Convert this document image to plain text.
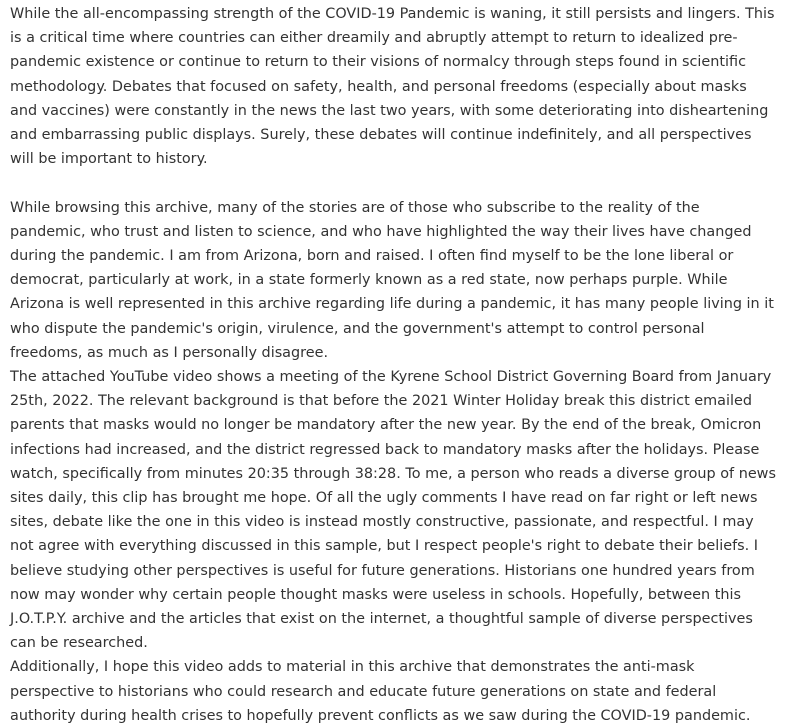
While the all-encompassing strength of the COVID-19 Pandemic is waning, it still persists and lingers. This is a critical time where countries can either dreamily and abruptly attempt to return to idealized pre-pandemic existence or continue to return to their visions of normalcy through steps found in scientific methodology. Debates that focused on safety, health, and personal freedoms (especially about masks and vaccines) were constantly in the news the last two years, with some deteriorating into disheartening and embarrassing public displays. Surely, these debates will continue indefinitely, and all perspectives will be important to history.

While browsing this archive, many of the stories are of those who subscribe to the reality of the pandemic, who trust and listen to science, and who have highlighted the way their lives have changed during the pandemic. I am from Arizona, born and raised. I often find myself to be the lone liberal or democrat, particularly at work, in a state formerly known as a red state, now perhaps purple. While Arizona is well represented in this archive regarding life during a pandemic, it has many people living in it who dispute the pandemic's origin, virulence, and the government's attempt to control personal freedoms, as much as I personally disagree.

The attached YouTube video shows a meeting of the Kyrene School District Governing Board from January 25th, 2022. The relevant background is that before the 2021 Winter Holiday break this district emailed parents that masks would no longer be mandatory after the new year. By the end of the break, Omicron infections had increased, and the district regressed back to mandatory masks after the holidays. Please watch, specifically from minutes 20:35 through 38:28. To me, a person who reads a diverse group of news sites daily, this clip has brought me hope. Of all the ugly comments I have read on far right or left news sites, debate like the one in this video is instead mostly constructive, passionate, and respectful. I may not agree with everything discussed in this sample, but I respect people's right to debate their beliefs. I believe studying other perspectives is useful for future generations. Historians one hundred years from now may wonder why certain people thought masks were useless in schools. Hopefully, between this J.O.T.P.Y. archive and the articles that exist on the internet, a thoughtful sample of diverse perspectives can be researched.

Additionally, I hope this video adds to material in this archive that demonstrates the anti-mask perspective to historians who could research and educate future generations on state and federal authority during health crises to hopefully prevent conflicts as we saw during the COVID-19 pandemic.
